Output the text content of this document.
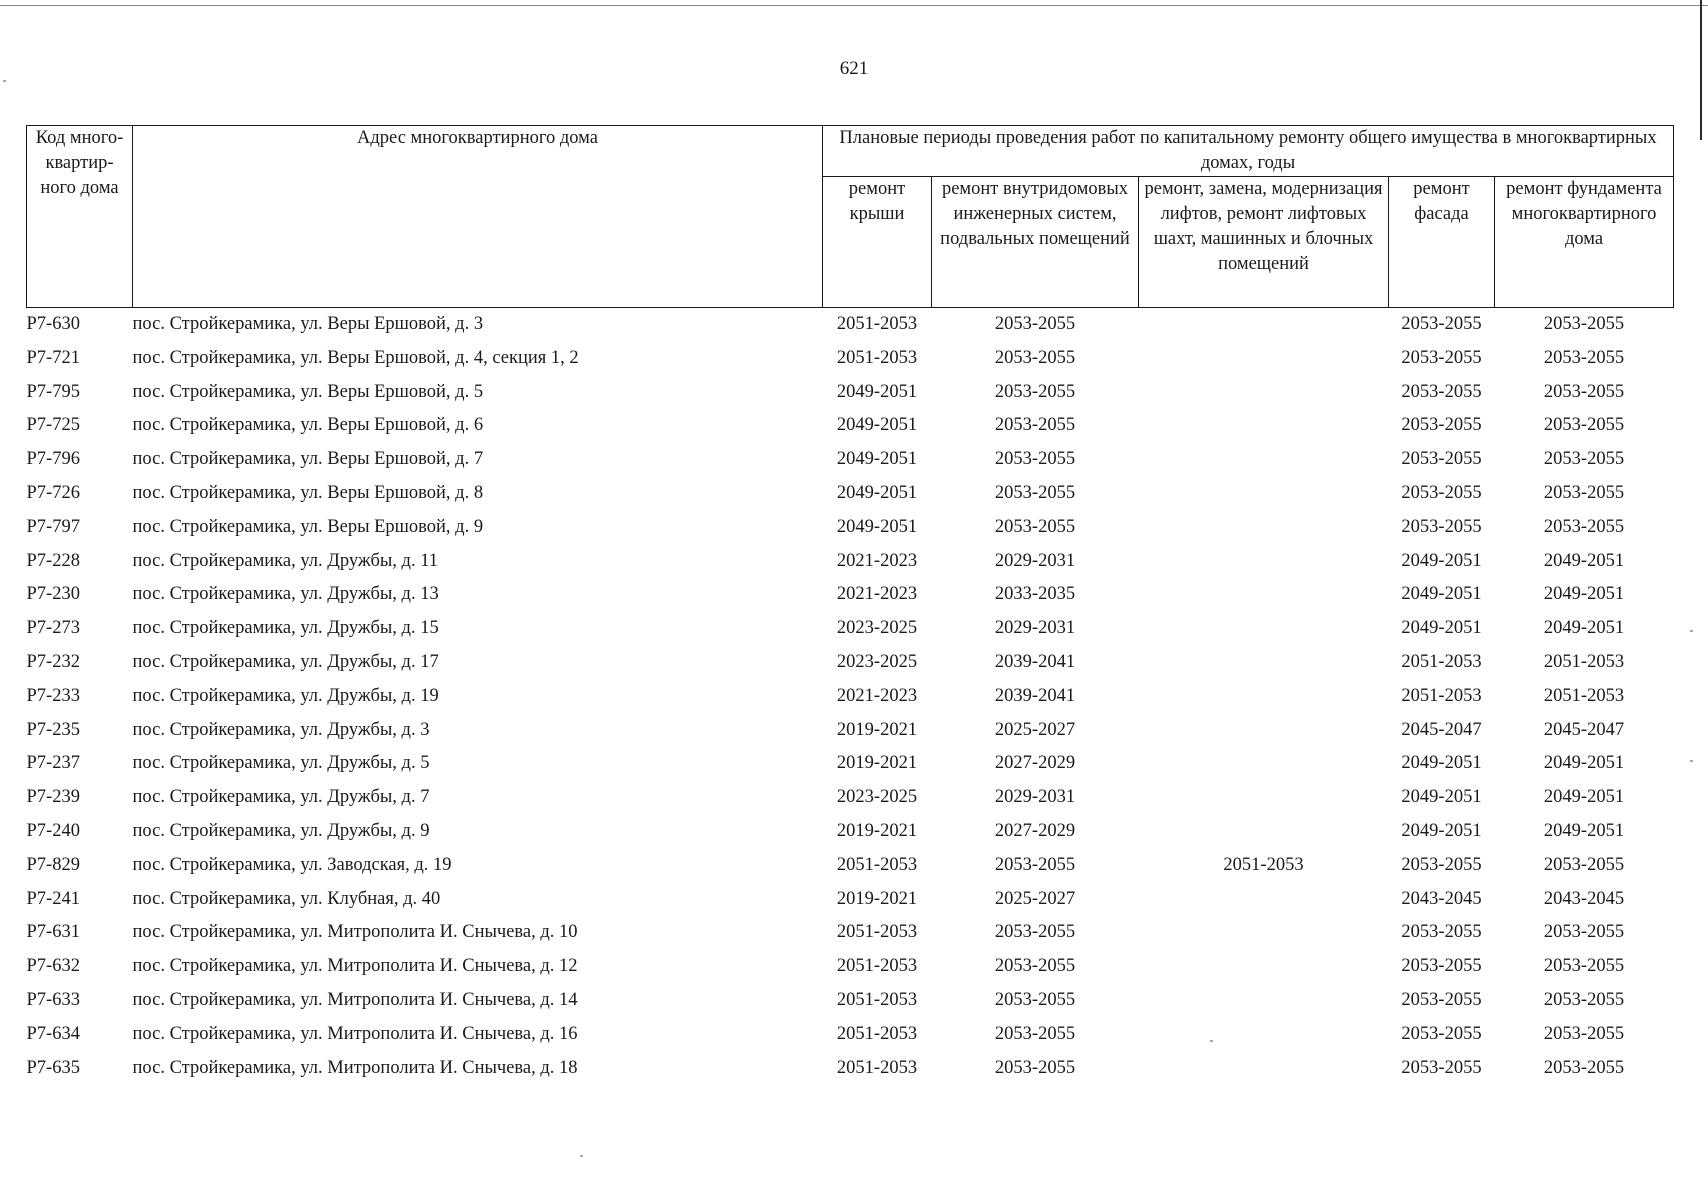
621
Код много-квартир-ного дома	Адрес многоквартирного дома	Плановые периоды проведения работ по капитальному ремонту общего имущества в многоквартирных домах, годы				
		ремонт крыши	ремонт внутридомовых инженерных систем, подвальных помещений	ремонт, замена, модернизация лифтов, ремонт лифтовых шахт, машинных и блочных помещений	ремонт фасада	ремонт фундамента многоквартирного дома
Р7-630	пос. Стройкерамика, ул. Веры Ершовой, д. 3	2051-2053	2053-2055		2053-2055	2053-2055
Р7-721	пос. Стройкерамика, ул. Веры Ершовой, д. 4, секция 1, 2	2051-2053	2053-2055		2053-2055	2053-2055
Р7-795	пос. Стройкерамика, ул. Веры Ершовой, д. 5	2049-2051	2053-2055		2053-2055	2053-2055
Р7-725	пос. Стройкерамика, ул. Веры Ершовой, д. 6	2049-2051	2053-2055		2053-2055	2053-2055
Р7-796	пос. Стройкерамика, ул. Веры Ершовой, д. 7	2049-2051	2053-2055		2053-2055	2053-2055
Р7-726	пос. Стройкерамика, ул. Веры Ершовой, д. 8	2049-2051	2053-2055		2053-2055	2053-2055
Р7-797	пос. Стройкерамика, ул. Веры Ершовой, д. 9	2049-2051	2053-2055		2053-2055	2053-2055
Р7-228	пос. Стройкерамика, ул. Дружбы, д. 11	2021-2023	2029-2031		2049-2051	2049-2051
Р7-230	пос. Стройкерамика, ул. Дружбы, д. 13	2021-2023	2033-2035		2049-2051	2049-2051
Р7-273	пос. Стройкерамика, ул. Дружбы, д. 15	2023-2025	2029-2031		2049-2051	2049-2051
Р7-232	пос. Стройкерамика, ул. Дружбы, д. 17	2023-2025	2039-2041		2051-2053	2051-2053
Р7-233	пос. Стройкерамика, ул. Дружбы, д. 19	2021-2023	2039-2041		2051-2053	2051-2053
Р7-235	пос. Стройкерамика, ул. Дружбы, д. 3	2019-2021	2025-2027		2045-2047	2045-2047
Р7-237	пос. Стройкерамика, ул. Дружбы, д. 5	2019-2021	2027-2029		2049-2051	2049-2051
Р7-239	пос. Стройкерамика, ул. Дружбы, д. 7	2023-2025	2029-2031		2049-2051	2049-2051
Р7-240	пос. Стройкерамика, ул. Дружбы, д. 9	2019-2021	2027-2029		2049-2051	2049-2051
Р7-829	пос. Стройкерамика, ул. Заводская, д. 19	2051-2053	2053-2055	2051-2053	2053-2055	2053-2055
Р7-241	пос. Стройкерамика, ул. Клубная, д. 40	2019-2021	2025-2027		2043-2045	2043-2045
Р7-631	пос. Стройкерамика, ул. Митрополита И. Снычева, д. 10	2051-2053	2053-2055		2053-2055	2053-2055
Р7-632	пос. Стройкерамика, ул. Митрополита И. Снычева, д. 12	2051-2053	2053-2055		2053-2055	2053-2055
Р7-633	пос. Стройкерамика, ул. Митрополита И. Снычева, д. 14	2051-2053	2053-2055		2053-2055	2053-2055
Р7-634	пос. Стройкерамика, ул. Митрополита И. Снычева, д. 16	2051-2053	2053-2055		2053-2055	2053-2055
Р7-635	пос. Стройкерамика, ул. Митрополита И. Снычева, д. 18	2051-2053	2053-2055		2053-2055	2053-2055
